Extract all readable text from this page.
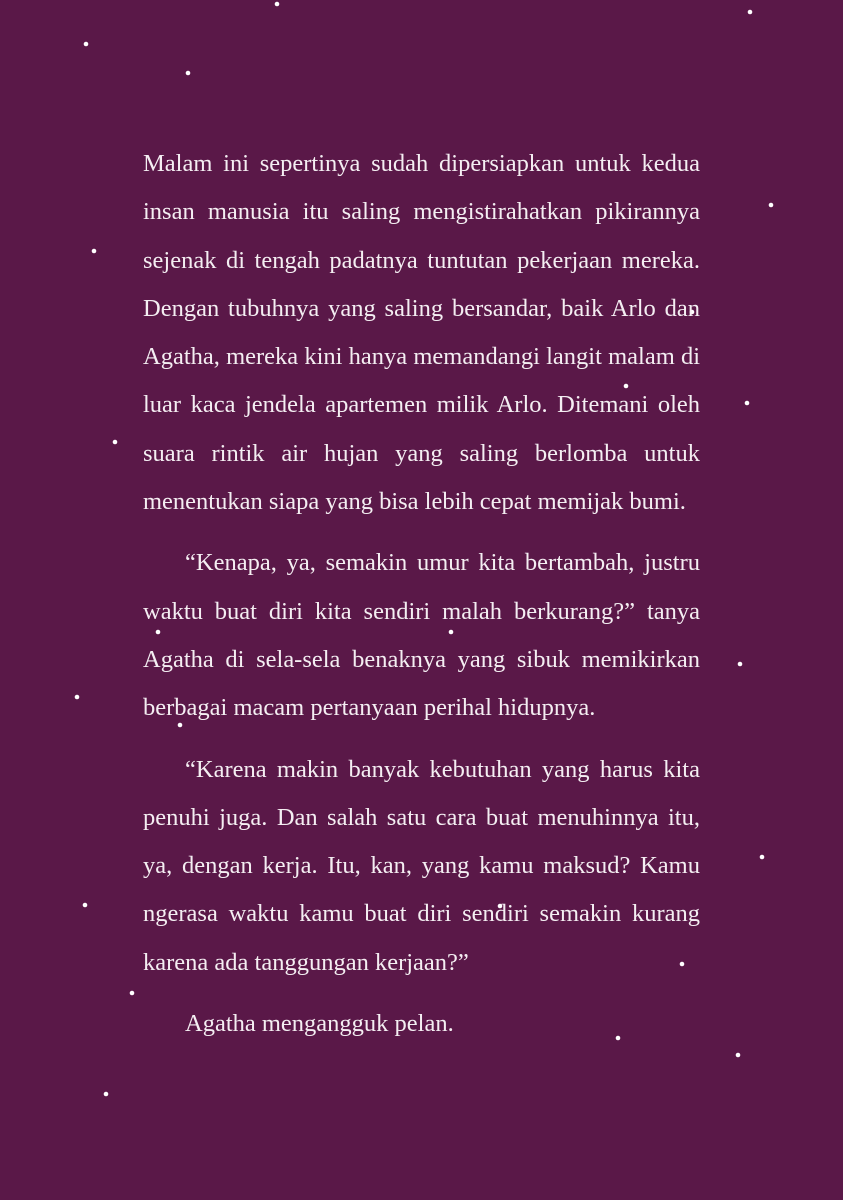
Malam ini sepertinya sudah dipersiapkan untuk kedua insan manusia itu saling mengistirahatkan pikirannya sejenak di tengah padatnya tuntutan pekerjaan mereka. Dengan tubuhnya yang saling bersandar, baik Arlo dan Agatha, mereka kini hanya memandangi langit malam di luar kaca jendela apartemen milik Arlo. Ditemani oleh suara rintik air hujan yang saling berlomba untuk menentukan siapa yang bisa lebih cepat memijak bumi.

“Kenapa, ya, semakin umur kita bertambah, justru waktu buat diri kita sendiri malah berkurang?” tanya Agatha di sela-sela benaknya yang sibuk memikirkan berbagai macam pertanyaan perihal hidupnya.

“Karena makin banyak kebutuhan yang harus kita penuhi juga. Dan salah satu cara buat menuhinnya itu, ya, dengan kerja. Itu, kan, yang kamu maksud? Kamu ngerasa waktu kamu buat diri sendiri semakin kurang karena ada tanggungan kerjaan?”

Agatha mengangguk pelan.
